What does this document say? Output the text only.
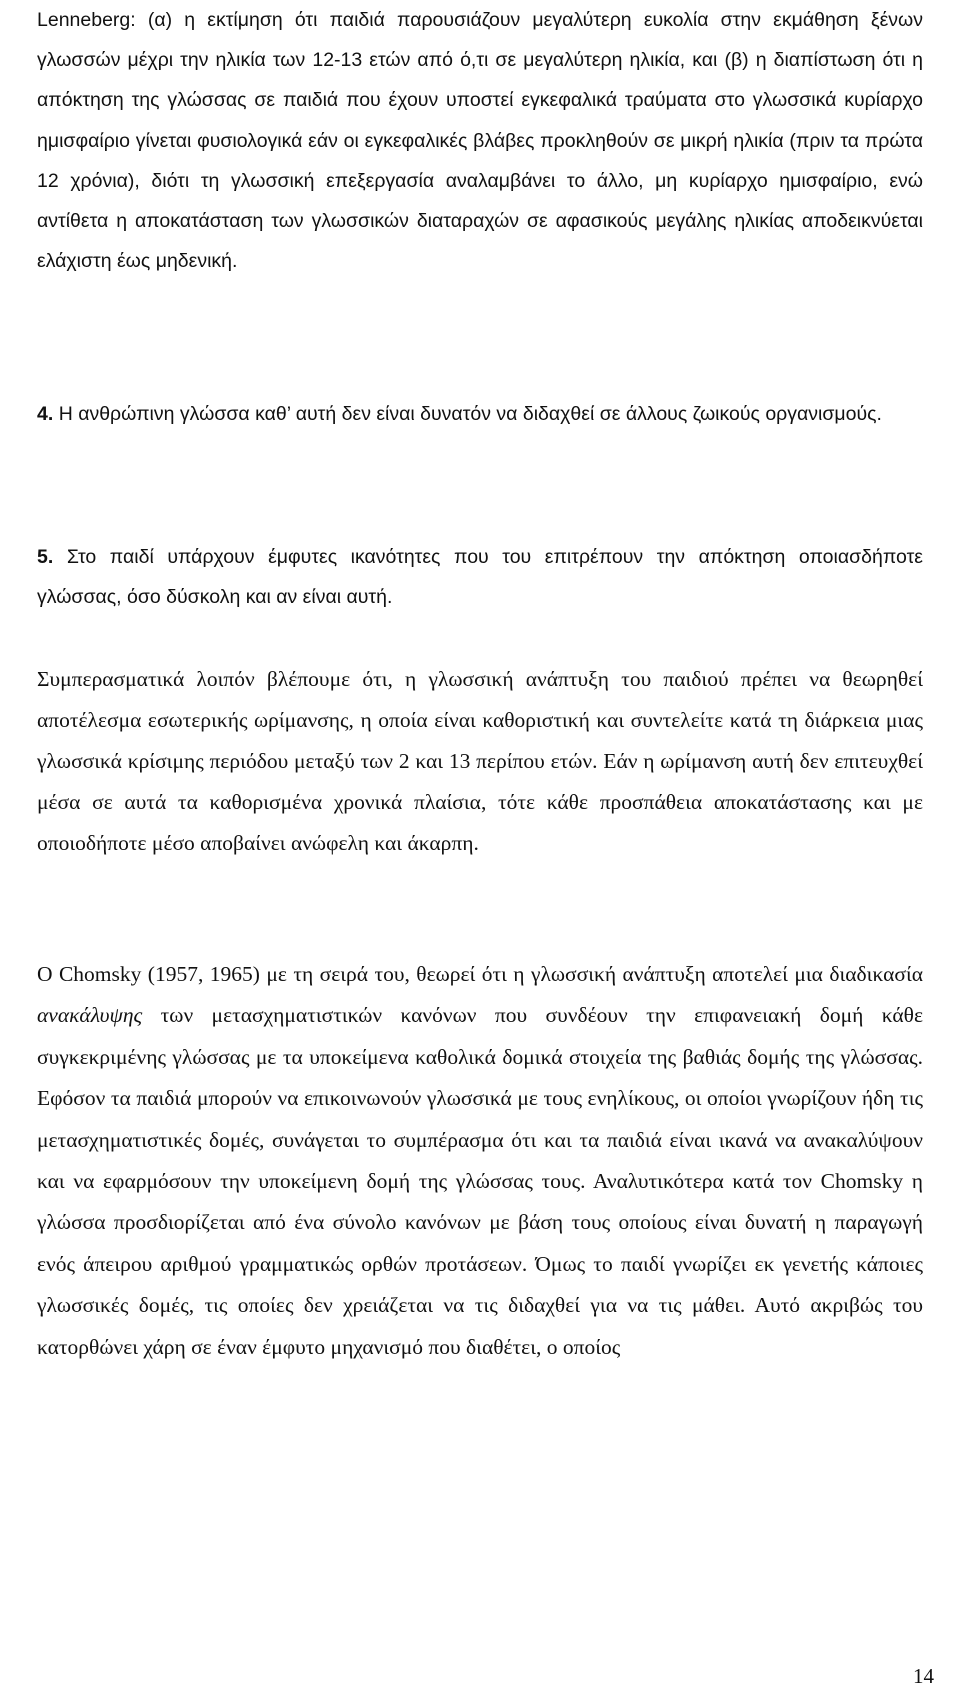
Lenneberg: (α) η εκτίμηση ότι παιδιά παρουσιάζουν μεγαλύτερη ευκολία στην εκμάθηση ξένων γλωσσών μέχρι την ηλικία των 12-13 ετών από ό,τι σε μεγαλύτερη ηλικία, και (β) η διαπίστωση ότι η απόκτηση της γλώσσας σε παιδιά που έχουν υποστεί εγκεφαλικά τραύματα στο γλωσσικά κυρίαρχο ημισφαίριο γίνεται φυσιολογικά εάν οι εγκεφαλικές βλάβες προκληθούν σε μικρή ηλικία (πριν τα πρώτα 12 χρόνια), διότι τη γλωσσική επεξεργασία αναλαμβάνει το άλλο, μη κυρίαρχο ημισφαίριο, ενώ αντίθετα η αποκατάσταση των γλωσσικών διαταραχών σε αφασικούς μεγάλης ηλικίας αποδεικνύεται ελάχιστη έως μηδενική.

4. Η ανθρώπινη γλώσσα καθ’ αυτή δεν είναι δυνατόν να διδαχθεί σε άλλους ζωικούς οργανισμούς.

5. Στο παιδί υπάρχουν έμφυτες ικανότητες που του επιτρέπουν την απόκτηση οποιασδήποτε γλώσσας, όσο δύσκολη και αν είναι αυτή.

Συμπερασματικά λοιπόν βλέπουμε ότι, η γλωσσική ανάπτυξη του παιδιού πρέπει να θεωρηθεί αποτέλεσμα εσωτερικής ωρίμανσης, η οποία είναι καθοριστική και συντελείτε κατά τη διάρκεια μιας γλωσσικά κρίσιμης περιόδου μεταξύ των 2 και 13 περίπου ετών. Εάν η ωρίμανση αυτή δεν επιτευχθεί μέσα σε αυτά τα καθορισμένα χρονικά πλαίσια, τότε κάθε προσπάθεια αποκατάστασης και με οποιοδήποτε μέσο αποβαίνει ανώφελη και άκαρπη.

Ο Chomsky (1957, 1965) με τη σειρά του, θεωρεί ότι η γλωσσική ανάπτυξη αποτελεί μια διαδικασία ανακάλυψης των μετασχηματιστικών κανόνων που συνδέουν την επιφανειακή δομή κάθε συγκεκριμένης γλώσσας με τα υποκείμενα καθολικά δομικά στοιχεία της βαθιάς δομής της γλώσσας. Εφόσον τα παιδιά μπορούν να επικοινωνούν γλωσσικά με τους ενηλίκους, οι οποίοι γνωρίζουν ήδη τις μετασχηματιστικές δομές, συνάγεται το συμπέρασμα ότι και τα παιδιά είναι ικανά να ανακαλύψουν και να εφαρμόσουν την υποκείμενη δομή της γλώσσας τους. Αναλυτικότερα κατά τον Chomsky η γλώσσα προσδιορίζεται από ένα σύνολο κανόνων με βάση τους οποίους είναι δυνατή η παραγωγή ενός άπειρου αριθμού γραμματικώς ορθών προτάσεων. Όμως το παιδί γνωρίζει εκ γενετής κάποιες γλωσσικές δομές, τις οποίες δεν χρειάζεται να τις διδαχθεί για να τις μάθει. Αυτό ακριβώς του κατορθώνει χάρη σε έναν έμφυτο μηχανισμό που διαθέτει, ο οποίος

14
